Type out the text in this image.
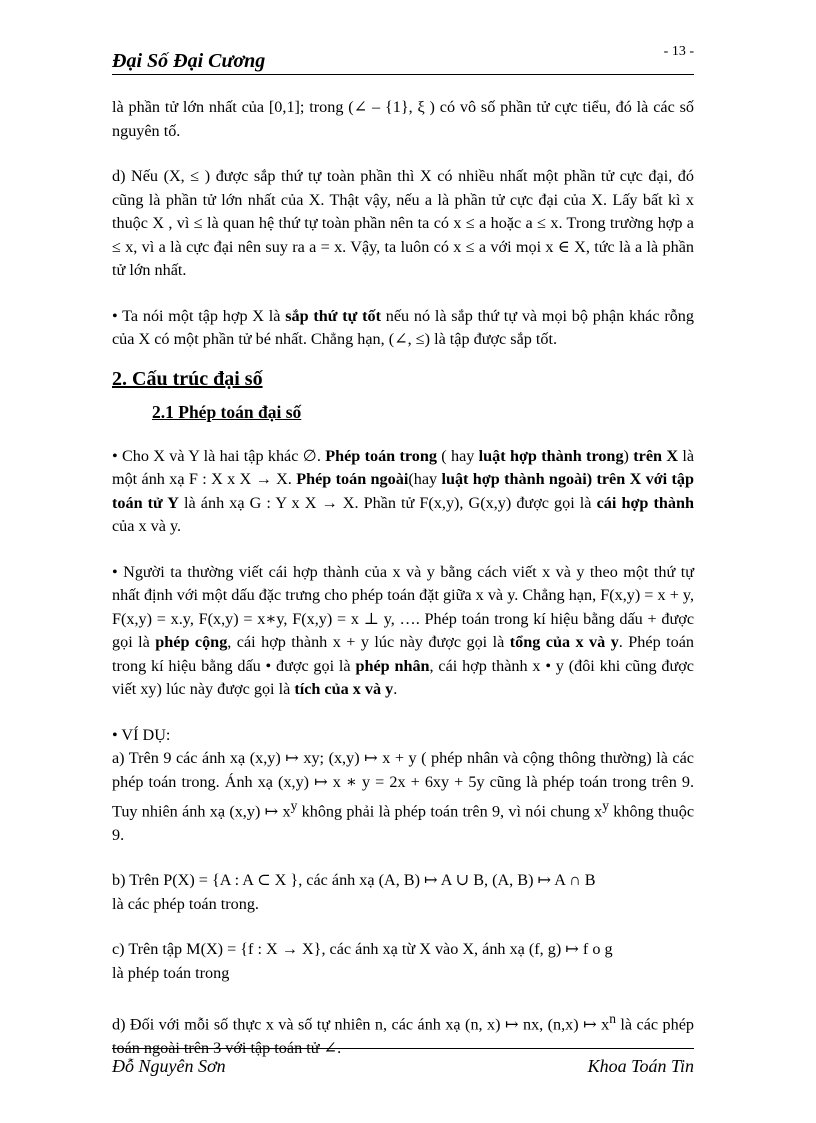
Đại Số Đại Cương	- 13 -

là phần tử lớn nhất của [0,1]; trong (∠ – {1}, ξ ) có vô số phần tử cực tiểu, đó là các số nguyên tố.

d) Nếu (X, ≤ ) được sắp thứ tự toàn phần thì X có nhiều nhất một phần tử cực đại, đó cũng là phần tử lớn nhất của X. Thật vậy, nếu a là phần tử cực đại của X. Lấy bất kì x thuộc X , vì ≤ là quan hệ thứ tự toàn phần nên ta có x ≤ a hoặc a ≤ x. Trong trường hợp a ≤ x, vì a là cực đại nên suy ra a = x. Vậy, ta luôn có x ≤ a với mọi x ∈ X, tức là a là phần tử lớn nhất.

• Ta nói một tập hợp X là sắp thứ tự tốt nếu nó là sắp thứ tự và mọi bộ phận khác rỗng của X có một phần tử bé nhất. Chẳng hạn, (∠, ≤) là tập được sắp tốt.

2. Cấu trúc đại số
2.1 Phép toán đại số

• Cho X và Y là hai tập khác ∅. Phép toán trong ( hay luật hợp thành trong) trên X là một ánh xạ F : X x X → X. Phép toán ngoài(hay luật hợp thành ngoài) trên X với tập toán tử Y là ánh xạ G : Y x X → X. Phần tử F(x,y), G(x,y) được gọi là cái hợp thành của x và y.

• Người ta thường viết cái hợp thành của x và y bằng cách viết x và y theo một thứ tự nhất định với một dấu đặc trưng cho phép toán đặt giữa x và y. Chẳng hạn, F(x,y) = x + y, F(x,y) = x.y, F(x,y) = x∗y, F(x,y) = x ⊥ y, …. Phép toán trong kí hiệu bằng dấu + được gọi là phép cộng, cái hợp thành x + y lúc này được gọi là tổng của x và y. Phép toán trong kí hiệu bằng dấu • được gọi là phép nhân, cái hợp thành x • y (đôi khi cũng được viết xy) lúc này được gọi là tích của x và y.

• VÍ DỤ:

a) Trên 9 các ánh xạ (x,y) ↦ xy; (x,y) ↦ x + y ( phép nhân và cộng thông thường) là các phép toán trong. Ánh xạ (x,y) ↦ x ∗ y = 2x + 6xy + 5y cũng là phép toán trong trên 9. Tuy nhiên ánh xạ (x,y) ↦ $x^y$ không phải là phép toán trên 9, vì nói chung $x^y$ không thuộc 9.

b) Trên P(X) = {A : A ⊂ X }, các ánh xạ (A, B) ↦ A ∪ B, (A, B) ↦ A ∩ B
là các phép toán trong.

c) Trên tập M(X) = {f : X → X}, các ánh xạ từ X vào X, ánh xạ (f, g) ↦ f o g
là phép toán trong

d) Đối với mỗi số thực x và số tự nhiên n, các ánh xạ (n, x) ↦ nx, (n,x) ↦ $x^n$ là các phép toán ngoài trên 3 với tập toán tử ∠.

Đỗ Nguyên Sơn	Khoa Toán Tin
